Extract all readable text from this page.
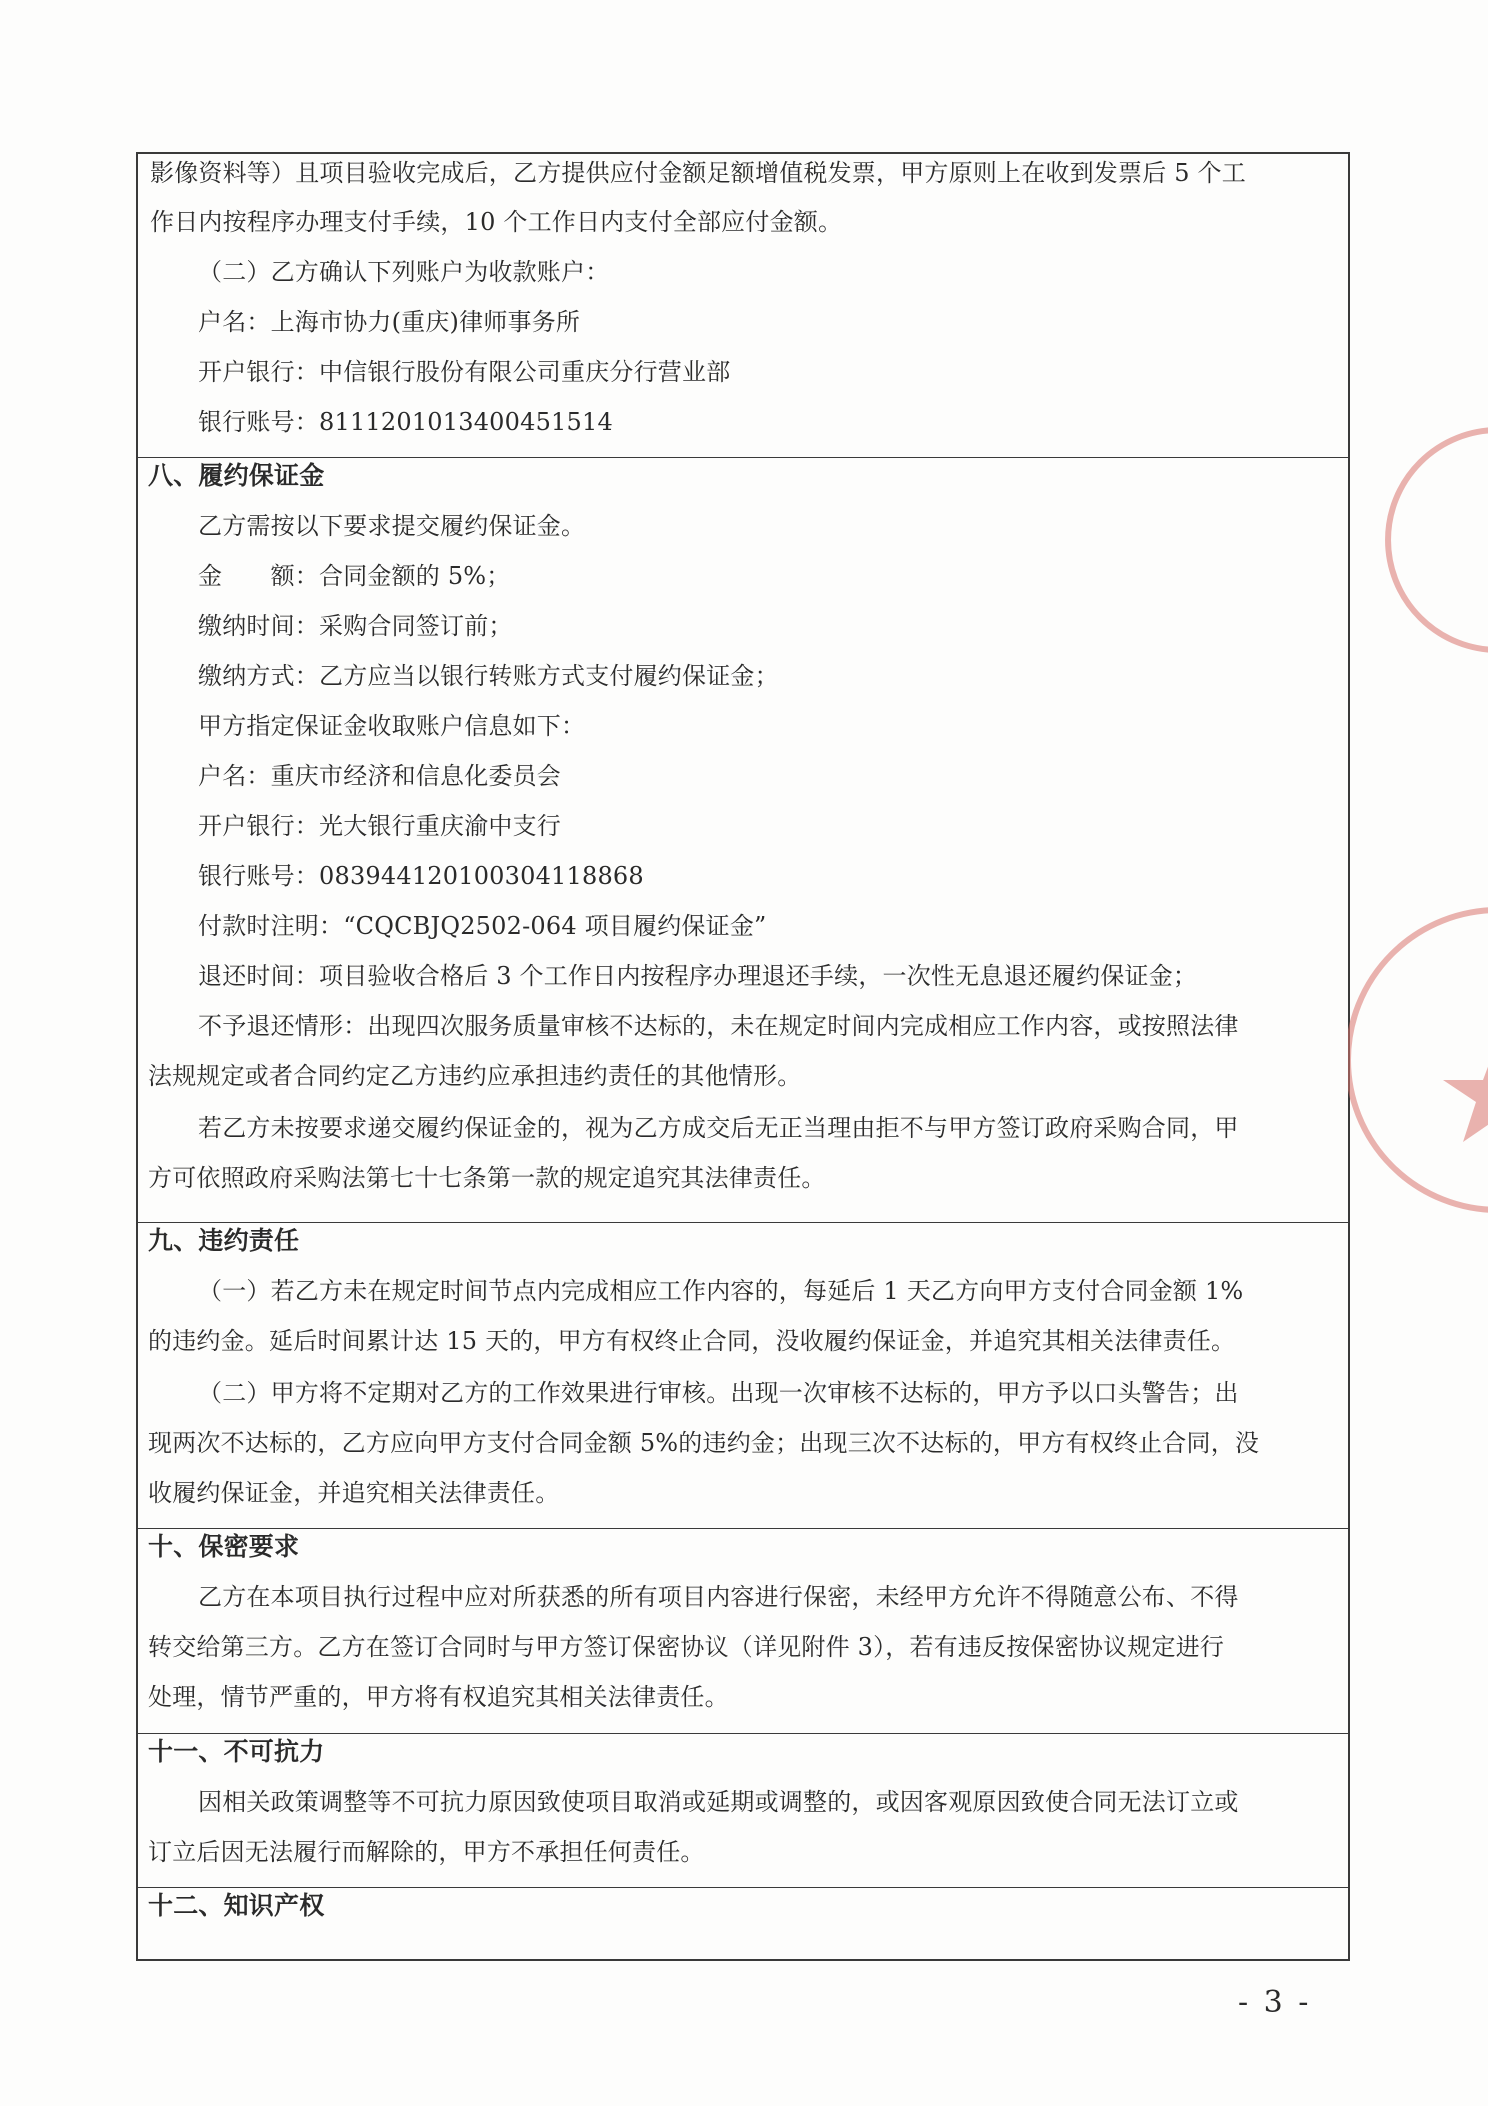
影像资料等）且项目验收完成后，乙方提供应付金额足额增值税发票，甲方原则上在收到发票后 5 个工
作日内按程序办理支付手续，10 个工作日内支付全部应付金额。
（二）乙方确认下列账户为收款账户：
户名：上海市协力(重庆)律师事务所
开户银行：中信银行股份有限公司重庆分行营业部
银行账号：8111201013400451514
八、履约保证金
乙方需按以下要求提交履约保证金。
金　　额：合同金额的 5%；
缴纳时间：采购合同签订前；
缴纳方式：乙方应当以银行转账方式支付履约保证金；
甲方指定保证金收取账户信息如下：
户名：重庆市经济和信息化委员会
开户银行：光大银行重庆渝中支行
银行账号：08394412010030411886​8
付款时注明：“CQCBJQ2502-064 项目履约保证金”
退还时间：项目验收合格后 3 个工作日内按程序办理退还手续，一次性无息退还履约保证金；
不予退还情形：出现四次服务质量审核不达标的，未在规定时间内完成相应工作内容，或按照法律
法规规定或者合同约定乙方违约应承担违约责任的其他情形。
若乙方未按要求递交履约保证金的，视为乙方成交后无正当理由拒不与甲方签订政府采购合同，甲
方可依照政府采购法第七十七条第一款的规定追究其法律责任。
九、违约责任
（一）若乙方未在规定时间节点内完成相应工作内容的，每延后 1 天乙方向甲方支付合同金额 1%
的违约金。延后时间累计达 15 天的，甲方有权终止合同，没收履约保证金，并追究其相关法律责任。
（二）甲方将不定期对乙方的工作效果进行审核。出现一次审核不达标的，甲方予以口头警告；出
现两次不达标的，乙方应向甲方支付合同金额 5%的违约金；出现三次不达标的，甲方有权终止合同，没
收履约保证金，并追究相关法律责任。
十、保密要求
乙方在本项目执行过程中应对所获悉的所有项目内容进行保密，未经甲方允许不得随意公布、不得
转交给第三方。乙方在签订合同时与甲方签订保密协议（详见附件 3），若有违反按保密协议规定进行
处理，情节严重的，甲方将有权追究其相关法律责任。
十一、不可抗力
因相关政策调整等不可抗力原因致使项目取消或延期或调整的，或因客观原因致使合同无法订立或
订立后因无法履行而解除的，甲方不承担任何责任。
十二、知识产权
- 3 -
